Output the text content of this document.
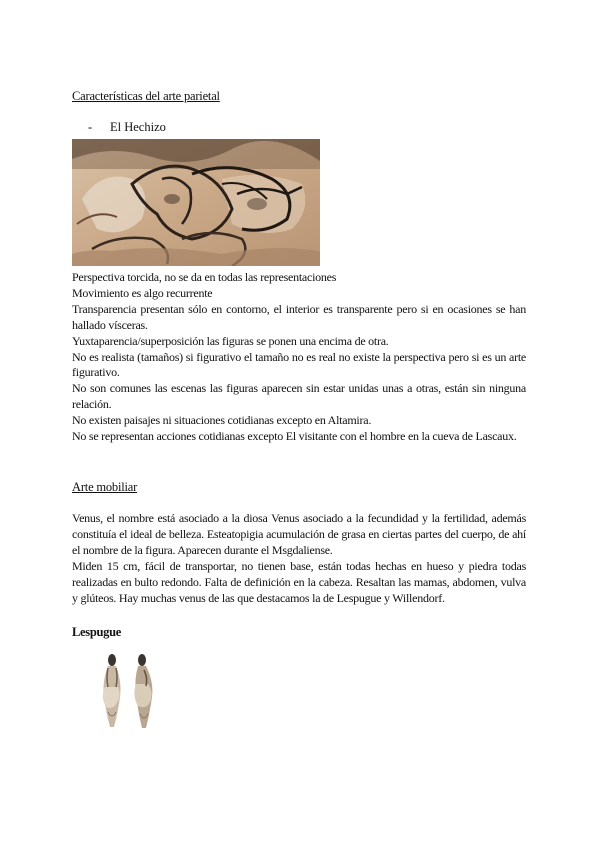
Características del arte parietal
- El Hechizo

Perspectiva torcida, no se da en todas las representaciones

Movimiento es algo recurrente

Transparencia presentan sólo en contorno, el interior es transparente pero si en ocasiones se han hallado vísceras.

Yuxtaparencia/superposición las figuras se ponen una encima de otra.

No es realista (tamaños) si figurativo el tamaño no es real no existe la perspectiva pero si es un arte figurativo.

No son comunes las escenas las figuras aparecen sin estar unidas unas a otras, están sin ninguna relación.

No existen paisajes ni situaciones cotidianas excepto en Altamira.

No se representan acciones cotidianas excepto El visitante con el hombre en la cueva de Lascaux.

Arte mobiliar

Venus, el nombre está asociado a la diosa Venus asociado a la fecundidad y la fertilidad, además constituía el ideal de belleza. Esteatopigia acumulación de grasa en ciertas partes del cuerpo, de ahí el nombre de la figura. Aparecen durante el Msgdaliense.

Miden 15 cm, fácil de transportar, no tienen base, están todas hechas en hueso y piedra todas realizadas en bulto redondo. Falta de definición en la cabeza. Resaltan las mamas, abdomen, vulva y glúteos. Hay muchas venus de las que destacamos la de Lespugue y Willendorf.

Lespugue
